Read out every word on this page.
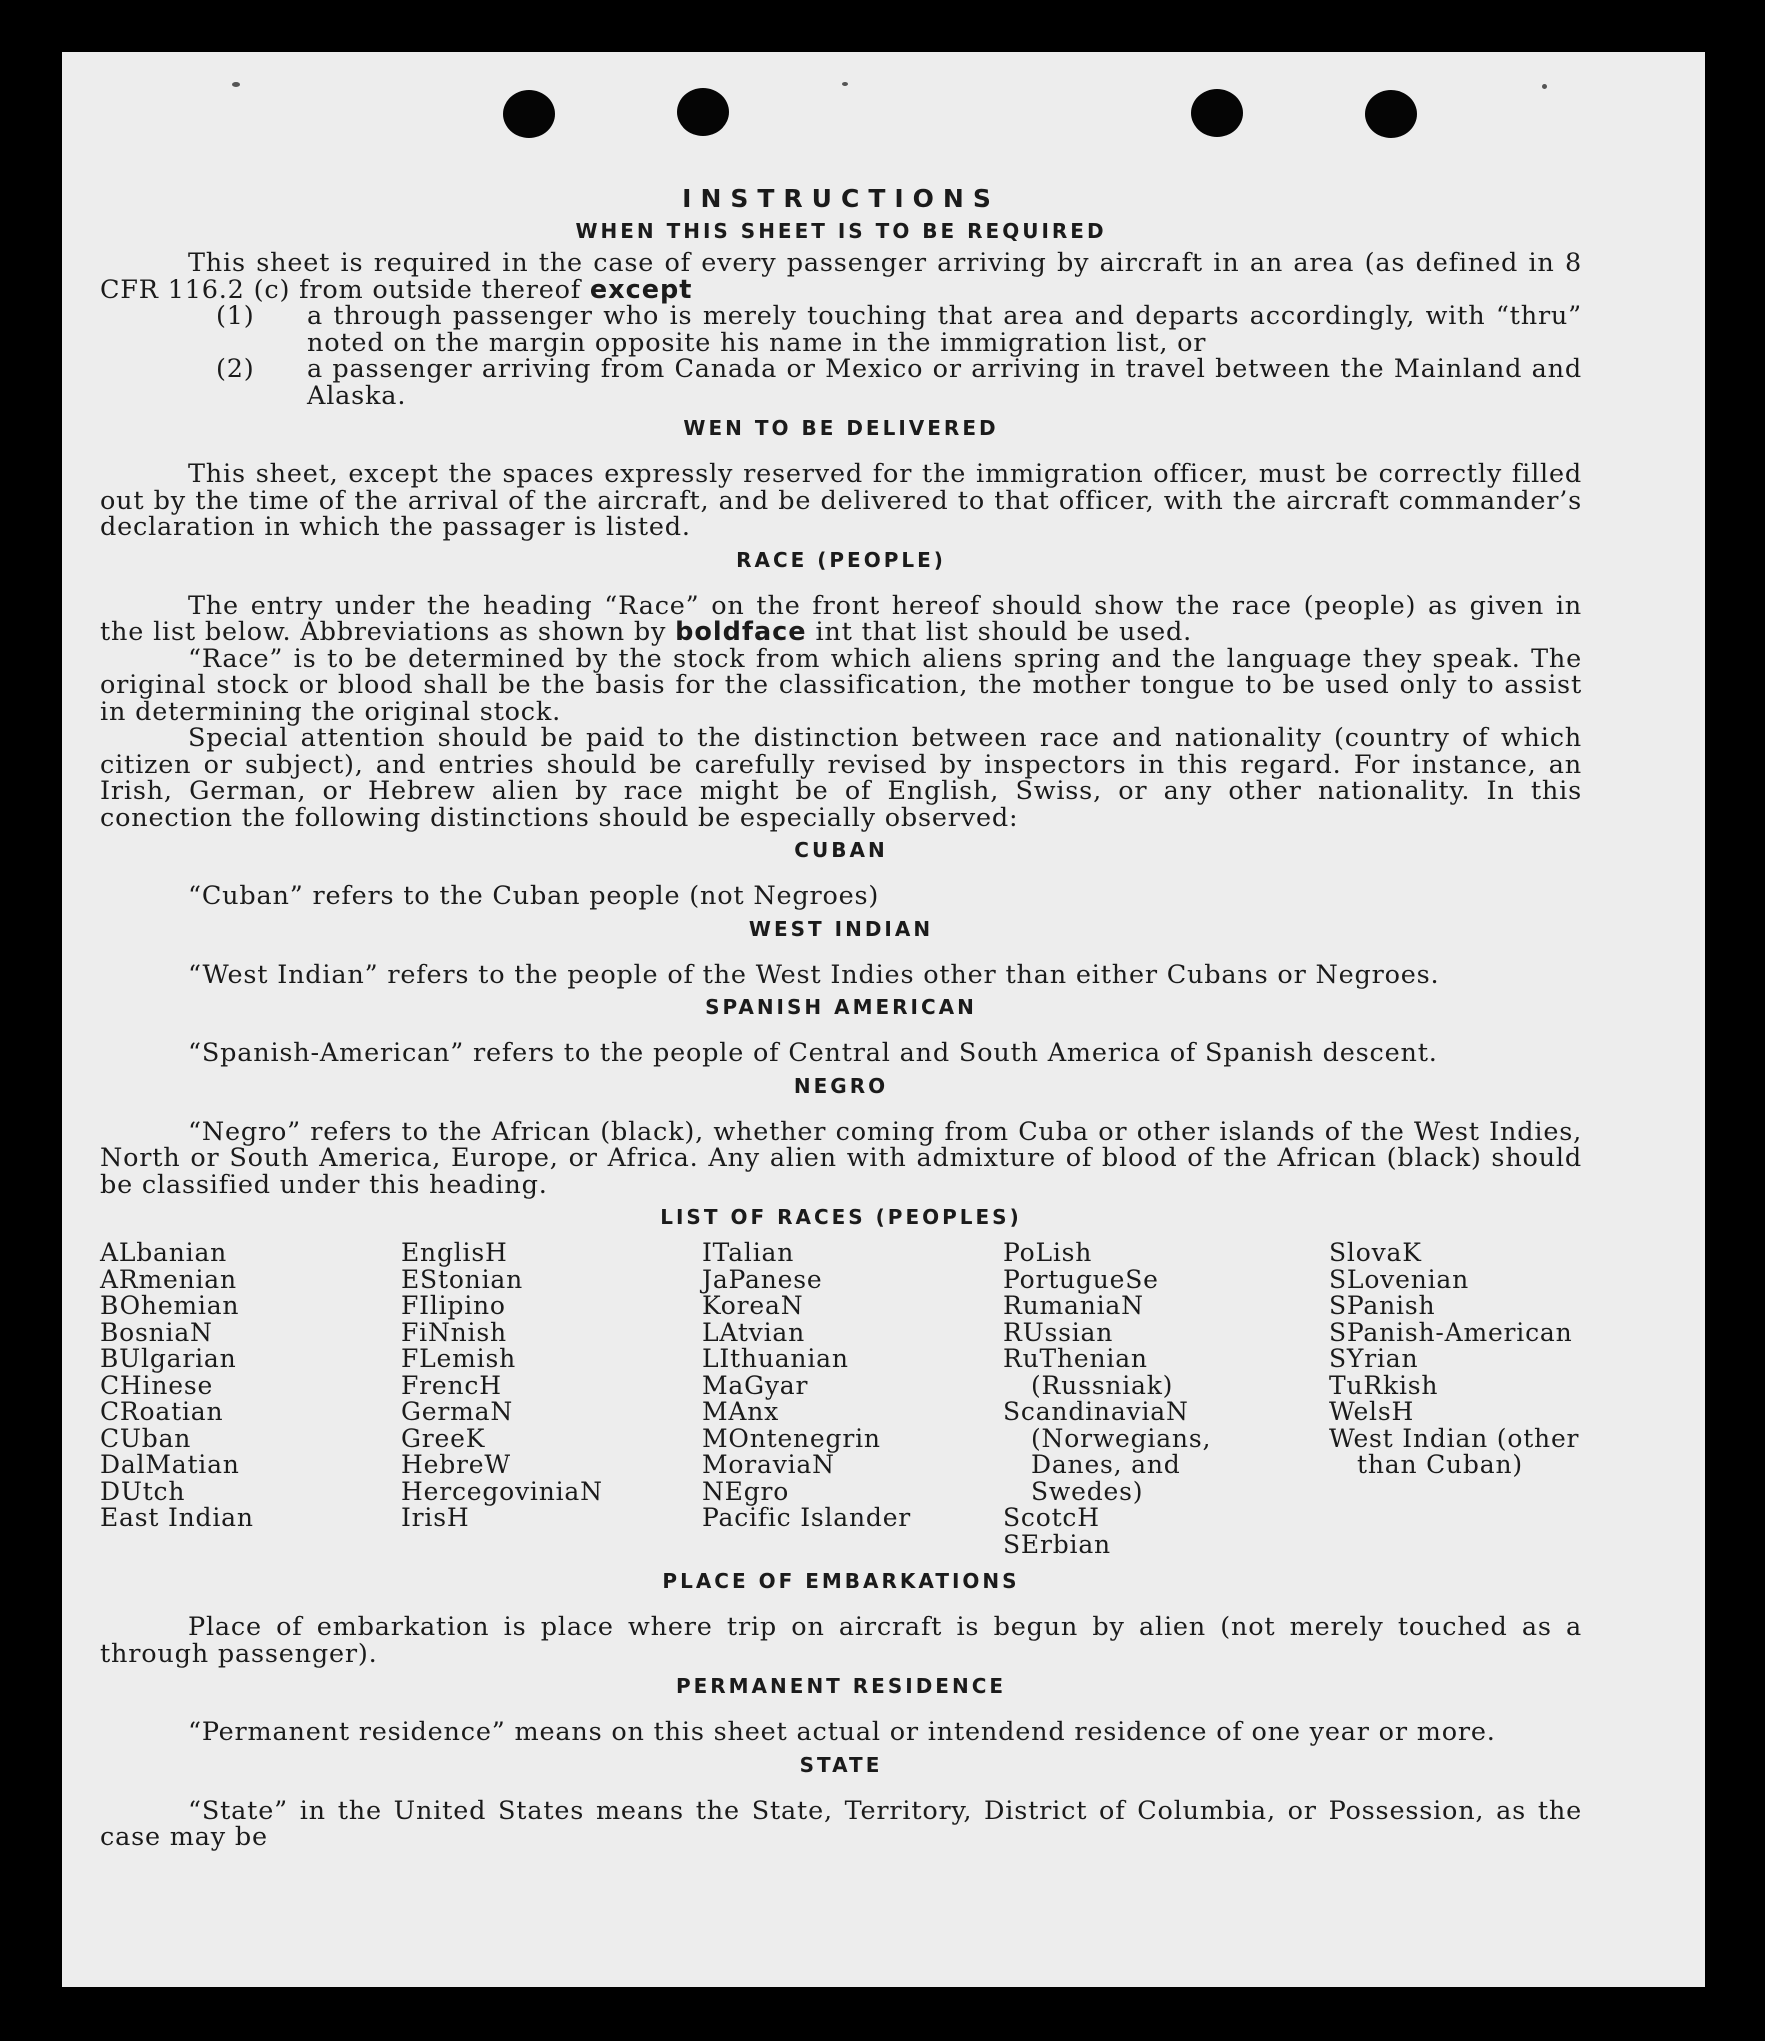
INSTRUCTIONS
WHEN THIS SHEET IS TO BE REQUIRED

This sheet is required in the case of every passenger arriving by aircraft in an area (as defined in 8 CFR 116.2 (c) from outside thereof except

(1) a through passenger who is merely touching that area and departs accordingly, with “thru” noted on the margin opposite his name in the immigration list, or
(2) a passenger arriving from Canada or Mexico or arriving in travel between the Mainland and Alaska.
WEN TO BE DELIVERED

This sheet, except the spaces expressly reserved for the immigration officer, must be correctly filled out by the time of the arrival of the aircraft, and be delivered to that officer, with the aircraft commander’s declaration in which the passager is listed.

RACE (PEOPLE)

The entry under the heading “Race” on the front hereof should show the race (people) as given in the list below. Abbreviations as shown by boldface int that list should be used.

“Race” is to be determined by the stock from which aliens spring and the language they speak. The original stock or blood shall be the basis for the classification, the mother tongue to be used only to assist in determining the original stock.

Special attention should be paid to the distinction between race and nationality (country of which citizen or subject), and entries should be carefully revised by inspectors in this regard. For instance, an Irish, German, or Hebrew alien by race might be of English, Swiss, or any other nationality. In this conection the following distinctions should be especially observed:

CUBAN

“Cuban” refers to the Cuban people (not Negroes)

WEST INDIAN

“West Indian” refers to the people of the West Indies other than either Cubans or Negroes.

SPANISH AMERICAN

“Spanish-American” refers to the people of Central and South America of Spanish descent.

NEGRO

“Negro” refers to the African (black), whether coming from Cuba or other islands of the West Indies, North or South America, Europe, or Africa. Any alien with admixture of blood of the African (black) should be classified under this heading.

LIST OF RACES (PEOPLES)
ALbanian
ARmenian
BOhemian
BosniaN
BUlgarian
CHinese
CRoatian
CUban
DalMatian
DUtch
East Indian
EnglisH
EStonian
FIlipino
FiNnish
FLemish
FrencH
GermaN
GreeK
HebreW
HercegoviniaN
IrisH
ITalian
JaPanese
KoreaN
LAtvian
LIthuanian
MaGyar
MAnx
MOntenegrin
MoraviaN
NEgro
Pacific Islander
PoLish
PortugueSe
RumaniaN
RUssian
RuThenian (Russniak)
ScandinaviaN (Norwegians, Danes, and Swedes)
ScotcH
SErbian
SlovaK
SLovenian
SPanish
SPanish-American
SYrian
TuRkish
WelsH
West Indian (other than Cuban)
PLACE OF EMBARKATIONS

Place of embarkation is place where trip on aircraft is begun by alien (not merely touched as a through passenger).

PERMANENT RESIDENCE

“Permanent residence” means on this sheet actual or intendend residence of one year or more.

STATE

“State” in the United States means the State, Territory, District of Columbia, or Possession, as the case may be
